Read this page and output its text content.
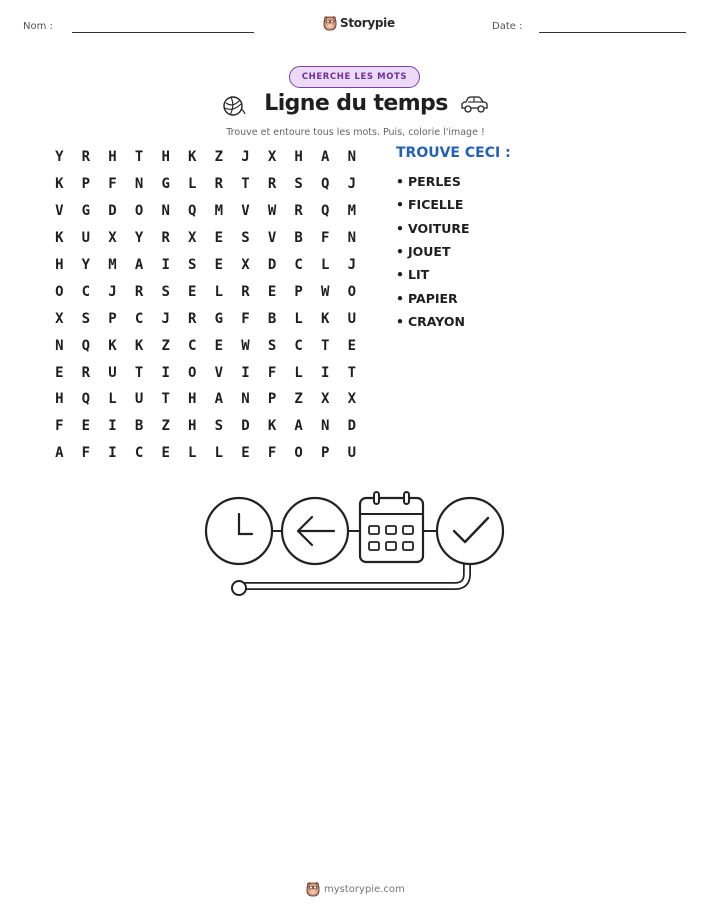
Nom :	Storypie	Date :
CHERCHE LES MOTS
Ligne du temps
Trouve et entoure tous les mots. Puis, colorie l'image !
Y	R	H	T	H	K	Z	J	X	H	A	N
K	P	F	N	G	L	R	T	R	S	Q	J
V	G	D	O	N	Q	M	V	W	R	Q	M
K	U	X	Y	R	X	E	S	V	B	F	N
H	Y	M	A	I	S	E	X	D	C	L	J
O	C	J	R	S	E	L	R	E	P	W	O
X	S	P	C	J	R	G	F	B	L	K	U
N	Q	K	K	Z	C	E	W	S	C	T	E
E	R	U	T	I	O	V	I	F	L	I	T
H	Q	L	U	T	H	A	N	P	Z	X	X
F	E	I	B	Z	H	S	D	K	A	N	D
A	F	I	C	E	L	L	E	F	O	P	U
TROUVE CECI :
• PERLES
• FICELLE
• VOITURE
• JOUET
• LIT
• PAPIER
• CRAYON
mystorypie.com
